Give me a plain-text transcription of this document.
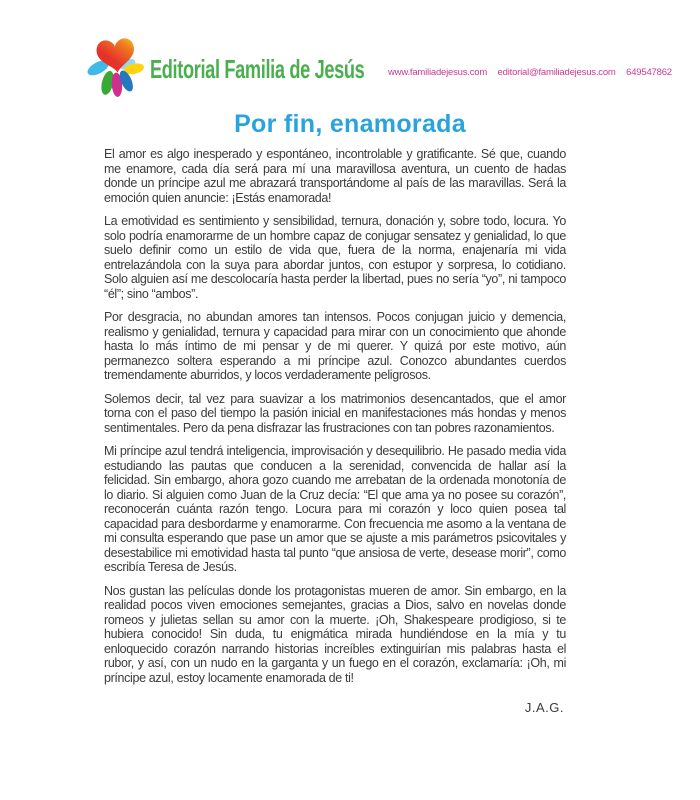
Editorial Familia de Jesús	www.familiadejesus.com editorial@familiadejesus.com 649547862
Por fin, enamorada

El amor es algo inesperado y espontáneo, incontrolable y gratificante. Sé que, cuando me enamore, cada día será para mí una maravillosa aventura, un cuento de hadas donde un príncipe azul me abrazará transportándome al país de las maravillas. Será la emoción quien anuncie: ¡Estás enamorada!

La emotividad es sentimiento y sensibilidad, ternura, donación y, sobre todo, locura. Yo solo podría enamorarme de un hombre capaz de conjugar sensatez y genialidad, lo que suelo definir como un estilo de vida que, fuera de la norma, enajenaría mi vida entrelazándola con la suya para abordar juntos, con estupor y sorpresa, lo cotidiano. Solo alguien así me descolocaría hasta perder la libertad, pues no sería “yo”, ni tampoco “él”; sino “ambos”.

Por desgracia, no abundan amores tan intensos. Pocos conjugan juicio y demencia, realismo y genialidad, ternura y capacidad para mirar con un conocimiento que ahonde hasta lo más íntimo de mi pensar y de mi querer. Y quizá por este motivo, aún permanezco soltera esperando a mi príncipe azul. Conozco abundantes cuerdos tremendamente aburridos, y locos verdaderamente peligrosos.

Solemos decir, tal vez para suavizar a los matrimonios desencantados, que el amor torna con el paso del tiempo la pasión inicial en manifestaciones más hondas y menos sentimentales. Pero da pena disfrazar las frustraciones con tan pobres razonamientos.

Mi príncipe azul tendrá inteligencia, improvisación y desequilibrio. He pasado media vida estudiando las pautas que conducen a la serenidad, convencida de hallar así la felicidad. Sin embargo, ahora gozo cuando me arrebatan de la ordenada monotonía de lo diario. Si alguien como Juan de la Cruz decía: “El que ama ya no posee su corazón”, reconocerán cuánta razón tengo. Locura para mi corazón y loco quien posea tal capacidad para desbordarme y enamorarme. Con frecuencia me asomo a la ventana de mi consulta esperando que pase un amor que se ajuste a mis parámetros psicovitales y desestabilice mi emotividad hasta tal punto “que ansiosa de verte, desease morir”, como escribía Teresa de Jesús.

Nos gustan las películas donde los protagonistas mueren de amor. Sin embargo, en la realidad pocos viven emociones semejantes, gracias a Dios, salvo en novelas donde romeos y julietas sellan su amor con la muerte. ¡Oh, Shakespeare prodigioso, si te hubiera conocido! Sin duda, tu enigmática mirada hundiéndose en la mía y tu enloquecido corazón narrando historias increíbles extinguirían mis palabras hasta el rubor, y así, con un nudo en la garganta y un fuego en el corazón, exclamaría: ¡Oh, mi príncipe azul, estoy locamente enamorada de ti!

J.A.G.
